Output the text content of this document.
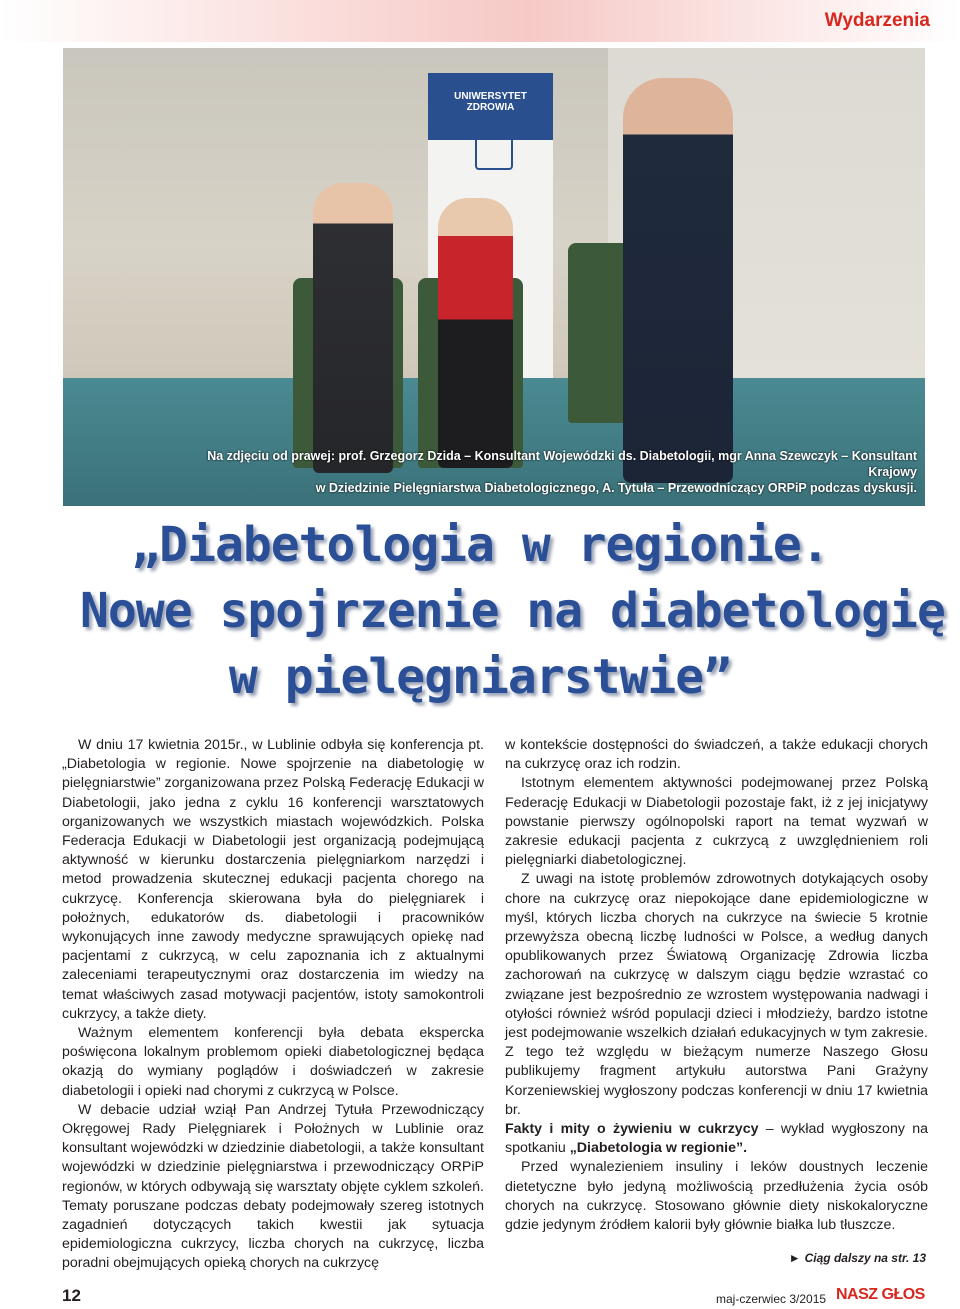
Wydarzenia
UNIWERSYTET ZDROWIA
Na zdjęciu od prawej: prof. Grzegorz Dzida – Konsultant Wojewódzki ds. Diabetologii, mgr Anna Szewczyk – Konsultant Krajowy
w Dziedzinie Pielęgniarstwa Diabetologicznego, A. Tytuła – Przewodniczący ORPiP podczas dyskusji.
„Diabetologia w regionie.
Nowe spojrzenie na diabetologię
w pielęgniarstwie”

W dniu 17 kwietnia 2015r., w Lublinie odbyła się konferencja pt. „Diabetologia w regionie. Nowe spojrzenie na diabetologię w pielęgniarstwie” zorganizowana przez Polską Federację Edukacji w Diabetologii, jako jedna z cyklu 16 konferencji warsztatowych organizowanych we wszystkich miastach wojewódzkich. Polska Federacja Edukacji w Diabetologii jest organizacją podejmującą aktywność w kierunku dostarczenia pielęgniarkom narzędzi i metod prowadzenia skutecznej edukacji pacjenta chorego na cukrzycę. Konferencja skierowana była do pielęgniarek i położnych, edukatorów ds. diabetologii i pracowników wykonujących inne zawody medyczne sprawujących opiekę nad pacjentami z cukrzycą, w celu zapoznania ich z aktualnymi zaleceniami terapeutycznymi oraz dostarczenia im wiedzy na temat właściwych zasad motywacji pacjentów, istoty samokontroli cukrzycy, a także diety.

Ważnym elementem konferencji była debata ekspercka poświęcona lokalnym problemom opieki diabetologicznej będąca okazją do wymiany poglądów i doświadczeń w zakresie diabetologii i opieki nad chorymi z cukrzycą w Polsce.

W debacie udział wziął Pan Andrzej Tytuła Przewodniczący Okręgowej Rady Pielęgniarek i Położnych w Lublinie oraz konsultant wojewódzki w dziedzinie diabetologii, a także konsultant wojewódzki w dziedzinie pielęgniarstwa i przewodniczący ORPiP regionów, w których odbywają się warsztaty objęte cyklem szkoleń. Tematy poruszane podczas debaty podejmowały szereg istotnych zagadnień dotyczących takich kwestii jak sytuacja epidemiologiczna cukrzycy, liczba chorych na cukrzycę, liczba poradni obejmujących opieką chorych na cukrzycę

w kontekście dostępności do świadczeń, a także edukacji chorych na cukrzycę oraz ich rodzin.

Istotnym elementem aktywności podejmowanej przez Polską Federację Edukacji w Diabetologii pozostaje fakt, iż z jej inicjatywy powstanie pierwszy ogólnopolski raport na temat wyzwań w zakresie edukacji pacjenta z cukrzycą z uwzględnieniem roli pielęgniarki diabetologicznej.

Z uwagi na istotę problemów zdrowotnych dotykających osoby chore na cukrzycę oraz niepokojące dane epidemiologiczne w myśl, których liczba chorych na cukrzyce na świecie 5 krotnie przewyższa obecną liczbę ludności w Polsce, a według danych opublikowanych przez Światową Organizację Zdrowia liczba zachorowań na cukrzycę w dalszym ciągu będzie wzrastać co związane jest bezpośrednio ze wzrostem występowania nadwagi i otyłości również wśród populacji dzieci i młodzieży, bardzo istotne jest podejmowanie wszelkich działań edukacyjnych w tym zakresie. Z tego też względu w bieżącym numerze Naszego Głosu publikujemy fragment artykułu autorstwa Pani Grażyny Korzeniewskiej wygłoszony podczas konferencji w dniu 17 kwietnia br.

Fakty i mity o żywieniu w cukrzycy – wykład wygłoszony na spotkaniu „Diabetologia w regionie”.

Przed wynalezieniem insuliny i leków doustnych leczenie dietetyczne było jedyną możliwością przedłużenia życia osób chorych na cukrzycę. Stosowano głównie diety niskokaloryczne gdzie jedynym źródłem kalorii były głównie białka lub tłuszcze.

► Ciąg dalszy na str. 13
12	maj-czerwiec 3/2015 NASZ GŁOS
